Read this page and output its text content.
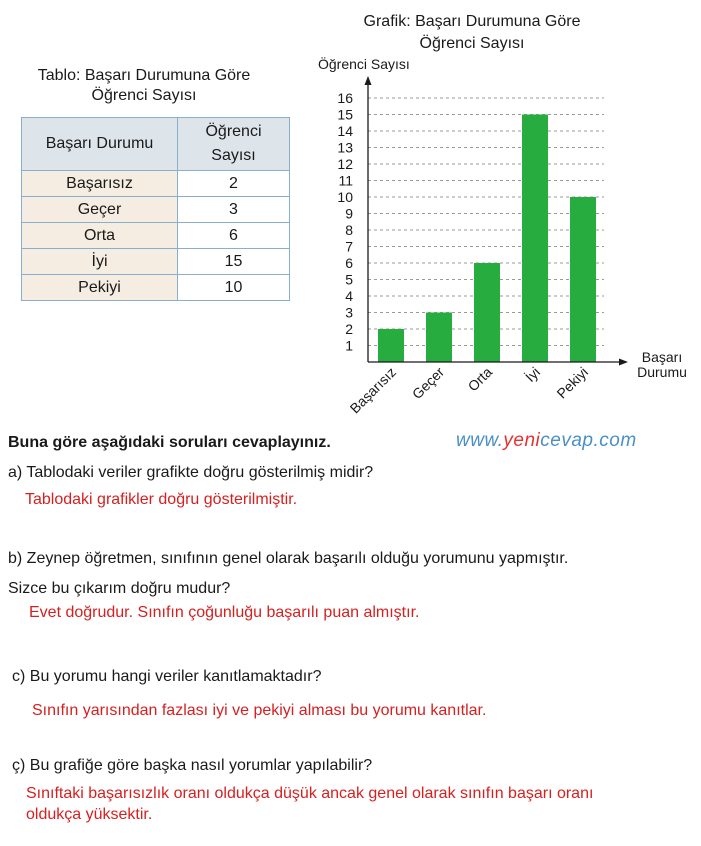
Tablo: Başarı Durumuna Göre
Öğrenci Sayısı
Başarı Durumu	Öğrenci
Sayısı

Başarısız	2
Geçer	3
Orta	6
İyi	15
Pekiyi	10
Grafik: Başarı Durumuna Göre
Öğrenci Sayısı
Öğrenci Sayısı
1
2
3
4
5
6
7
8
9
10
11
12
13
14
15
16
Başarısız Geçer Orta İyi Pekiyi
Başarı
Durumu
Buna göre aşağıdaki soruları cevaplayınız.	www.yenicevap.com
a) Tablodaki veriler grafikte doğru gösterilmiş midir?
Tablodaki grafikler doğru gösterilmiştir.
b) Zeynep öğretmen, sınıfının genel olarak başarılı olduğu yorumunu yapmıştır.
Sizce bu çıkarım doğru mudur?
Evet doğrudur. Sınıfın çoğunluğu başarılı puan almıştır.
c) Bu yorumu hangi veriler kanıtlamaktadır?
Sınıfın yarısından fazlası iyi ve pekiyi alması bu yorumu kanıtlar.
ç) Bu grafiğe göre başka nasıl yorumlar yapılabilir?
Sınıftaki başarısızlık oranı oldukça düşük ancak genel olarak sınıfın başarı oranı
oldukça yüksektir.
